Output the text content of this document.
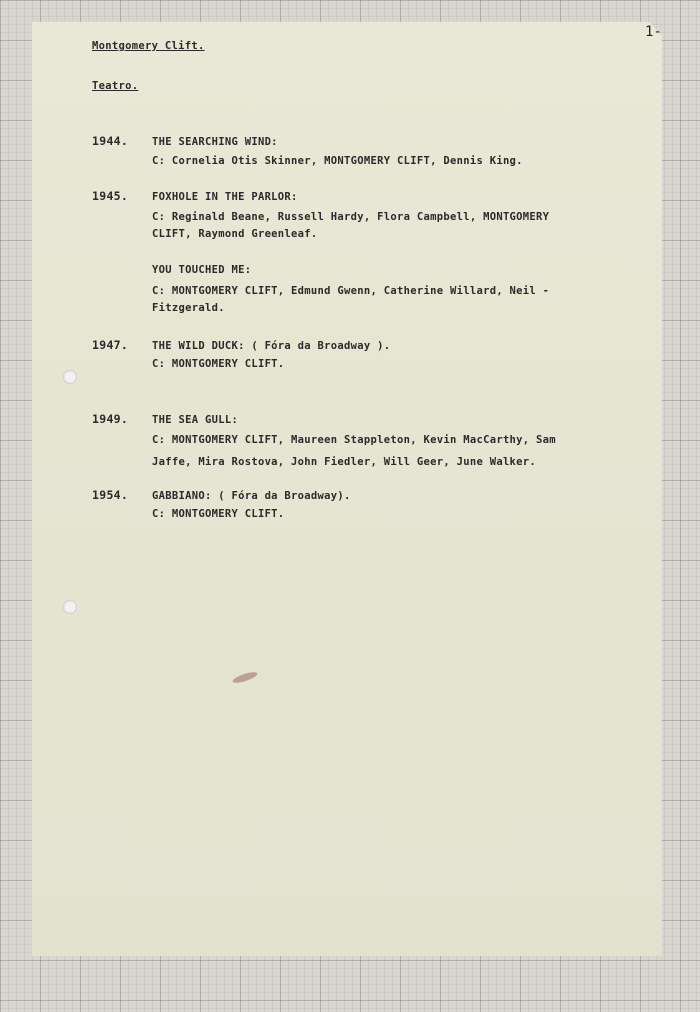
1-
Montgomery Clift.
Teatro.
1944. THE SEARCHING WIND:
C: Cornelia Otis Skinner, MONTGOMERY CLIFT, Dennis King.
1945. FOXHOLE IN THE PARLOR:
C: Reginald Beane, Russell Hardy, Flora Campbell, MONTGOMERY
CLIFT, Raymond Greenleaf.
YOU TOUCHED ME:
C: MONTGOMERY CLIFT, Edmund Gwenn, Catherine Willard, Neil -
Fitzgerald.
1947. THE WILD DUCK: ( Fóra da Broadway ).
C: MONTGOMERY CLIFT.
1949. THE SEA GULL:
C: MONTGOMERY CLIFT, Maureen Stappleton, Kevin MacCarthy, Sam
Jaffe, Mira Rostova, John Fiedler, Will Geer, June Walker.
1954. GABBIANO: ( Fóra da Broadway).
C: MONTGOMERY CLIFT.
